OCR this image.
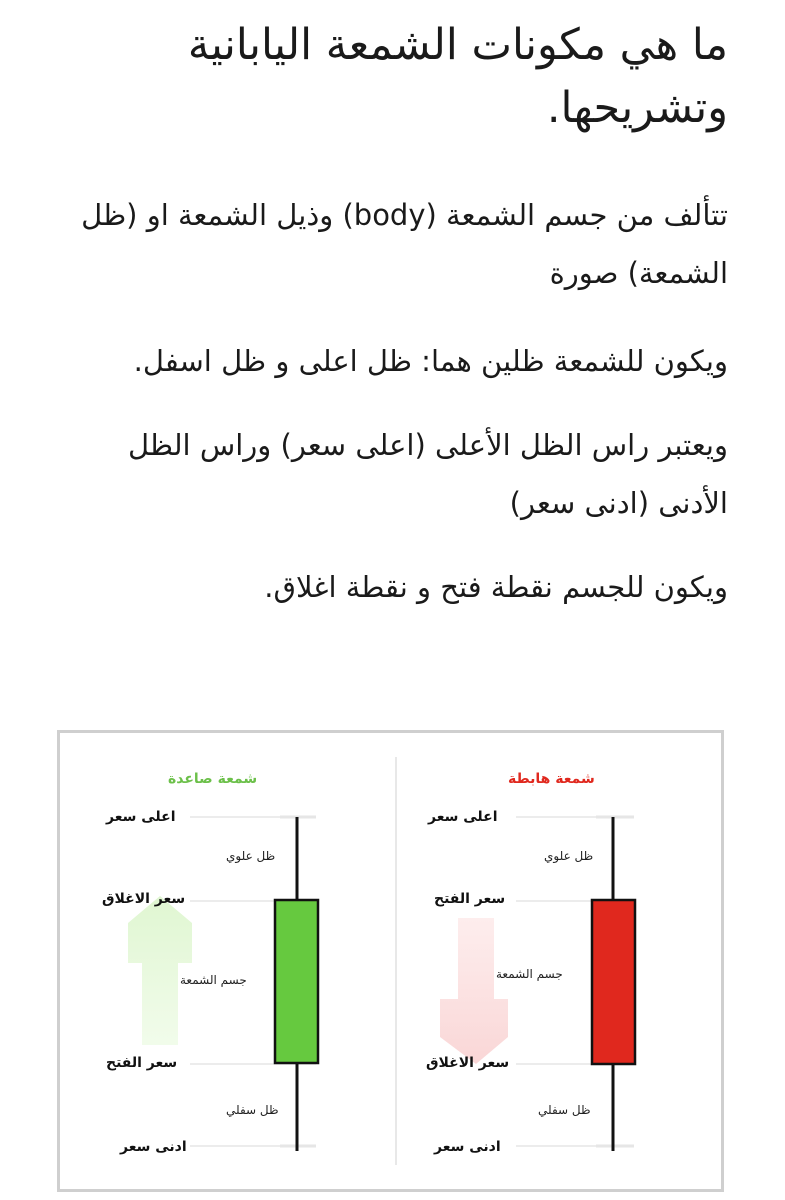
ما هي مكونات الشمعة اليابانية وتشريحها.

تتألف من جسم الشمعة (body) وذيل الشمعة او (ظل الشمعة) صورة

ويكون للشمعة ظلين هما: ظل اعلى و ظل اسفل.

ويعتبر راس الظل الأعلى (اعلى سعر) وراس الظل الأدنى (ادنى سعر)

ويكون للجسم نقطة فتح و نقطة اغلاق.

شمعة صاعدة
اعلى سعر
ظل علوي
سعر الاغلاق
جسم الشمعة
سعر الفتح
ظل سفلي
ادنى سعر
شمعة هابطة
اعلى سعر
ظل علوي
سعر الفتح
جسم الشمعة
سعر الاغلاق
ظل سفلي
ادنى سعر
